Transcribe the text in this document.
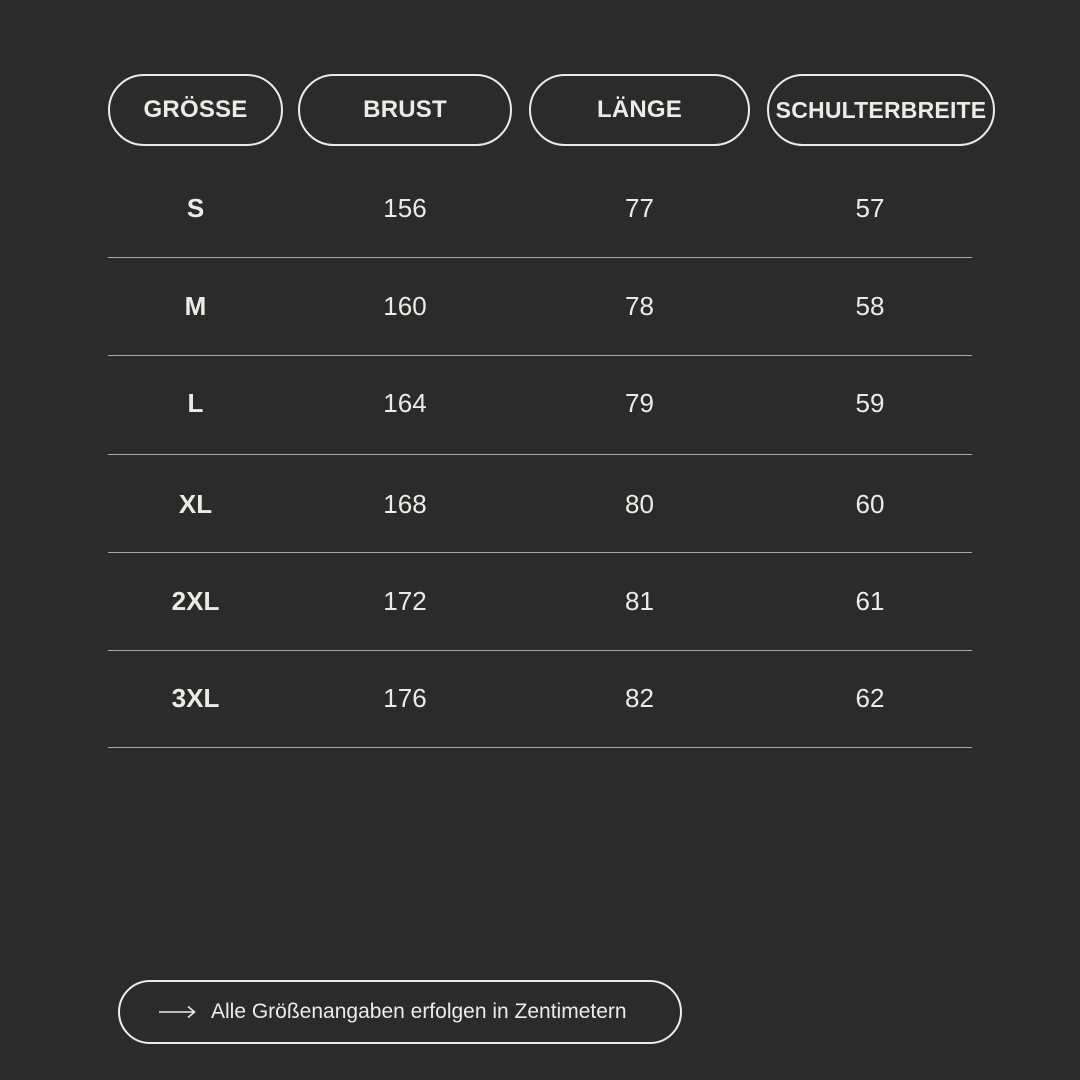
GRÖSSE	BRUST	LÄNGE	SCHULTERBREITE
S	156	77	57
M	160	78	58
L	164	79	59
XL	168	80	60
2XL	172	81	61
3XL	176	82	62
Alle Größenangaben erfolgen in Zentimetern
